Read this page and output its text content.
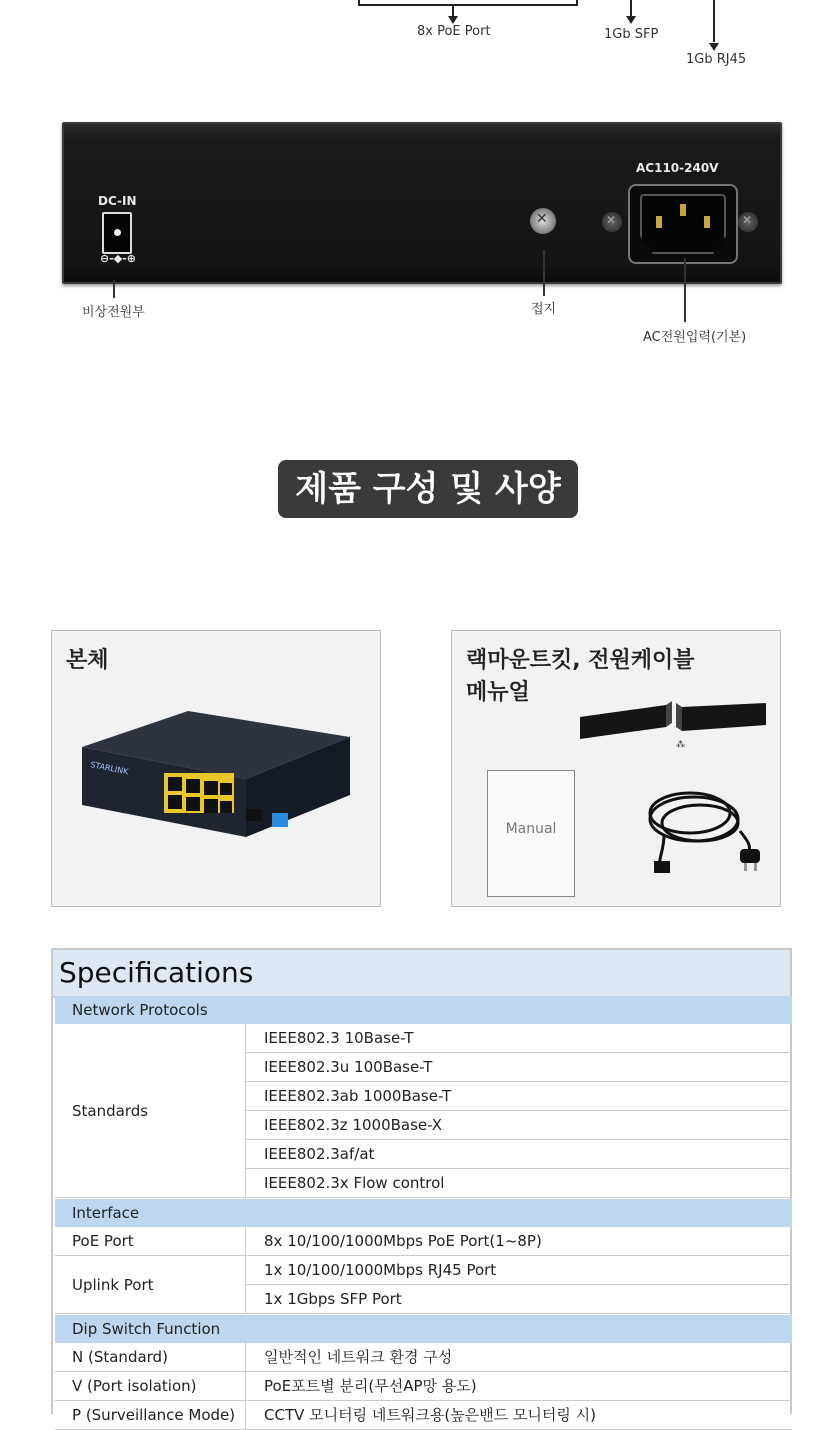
8x PoE Port	1Gb SFP
1Gb RJ45
DC-IN
⊖-◆-⊕
✕
AC110-240V
✕
✕
비상전원부	접지
AC전원입력(기본)
제품 구성 및 사양
본체
STARLINK
랙마운트킷, 전원케이블
메뉴얼
⁂
Manual
Specifications
Network Protocols
Standards
IEEE802.3 10Base-T
IEEE802.3u 100Base-T
IEEE802.3ab 1000Base-T
IEEE802.3z 1000Base-X
IEEE802.3af/at
IEEE802.3x Flow control
Interface
PoE Port	8x 10/100/1000Mbps PoE Port(1~8P)
Uplink Port
1x 10/100/1000Mbps RJ45 Port
1x 1Gbps SFP Port
Dip Switch Function
N (Standard)	일반적인 네트워크 환경 구성
V (Port isolation)	PoE포트별 분리(무선AP망 용도)
P (Surveillance Mode)	CCTV 모니터링 네트워크용(높은밴드 모니터링 시)
